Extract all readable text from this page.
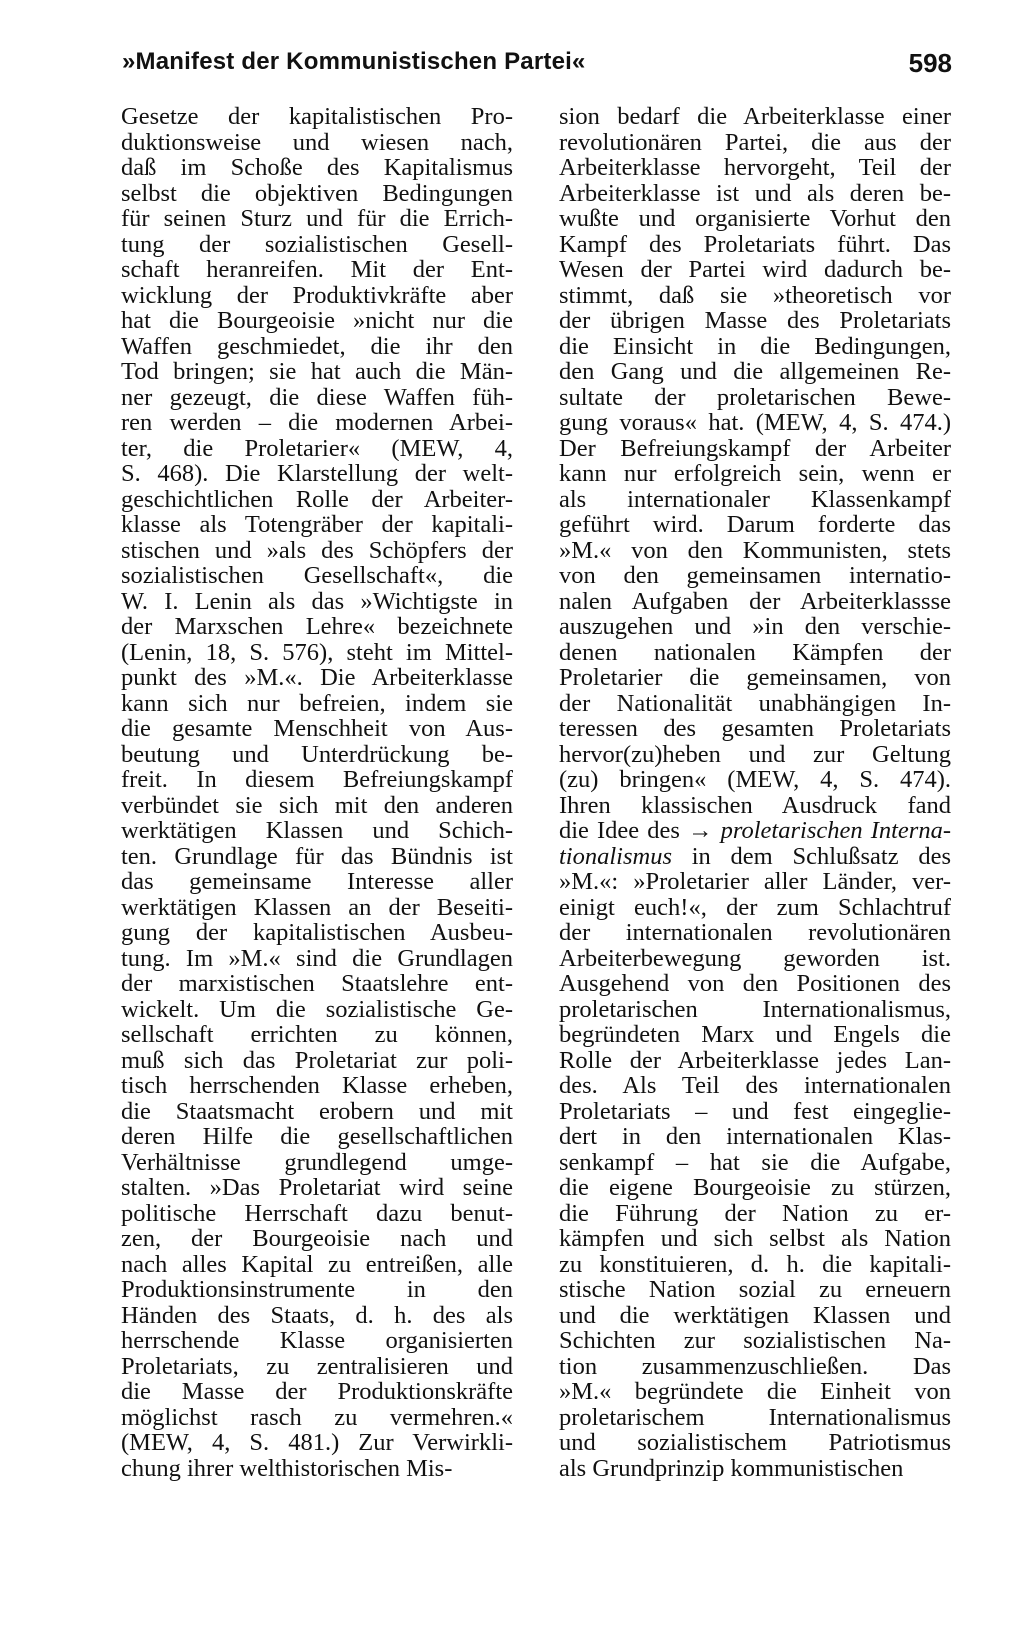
»Manifest der Kommunistischen Partei«	598
Gesetze der kapitalistischen Pro-
duktionsweise und wiesen nach,
daß im Schoße des Kapitalismus
selbst die objektiven Bedingungen
für seinen Sturz und für die Errich-
tung der sozialistischen Gesell-
schaft heranreifen. Mit der Ent-
wicklung der Produktivkräfte aber
hat die Bourgeoisie »nicht nur die
Waffen geschmiedet, die ihr den
Tod bringen; sie hat auch die Män-
ner gezeugt, die diese Waffen füh-
ren werden – die modernen Arbei-
ter, die Proletarier« (MEW, 4,
S. 468). Die Klarstellung der welt-
geschichtlichen Rolle der Arbeiter-
klasse als Totengräber der kapitali-
stischen und »als des Schöpfers der
sozialistischen Gesellschaft«, die
W. I. Lenin als das »Wichtigste in
der Marxschen Lehre« bezeichnete
(Lenin, 18, S. 576), steht im Mittel-
punkt des »M.«. Die Arbeiterklasse
kann sich nur befreien, indem sie
die gesamte Menschheit von Aus-
beutung und Unterdrückung be-
freit. In diesem Befreiungskampf
verbündet sie sich mit den anderen
werktätigen Klassen und Schich-
ten. Grundlage für das Bündnis ist
das gemeinsame Interesse aller
werktätigen Klassen an der Beseiti-
gung der kapitalistischen Ausbeu-
tung. Im »M.« sind die Grundlagen
der marxistischen Staatslehre ent-
wickelt. Um die sozialistische Ge-
sellschaft errichten zu können,
muß sich das Proletariat zur poli-
tisch herrschenden Klasse erheben,
die Staatsmacht erobern und mit
deren Hilfe die gesellschaftlichen
Verhältnisse grundlegend umge-
stalten. »Das Proletariat wird seine
politische Herrschaft dazu benut-
zen, der Bourgeoisie nach und
nach alles Kapital zu entreißen, alle
Produktionsinstrumente in den
Händen des Staats, d. h. des als
herrschende Klasse organisierten
Proletariats, zu zentralisieren und
die Masse der Produktionskräfte
möglichst rasch zu vermehren.«
(MEW, 4, S. 481.) Zur Verwirkli-
chung ihrer welthistorischen Mis-
sion bedarf die Arbeiterklasse einer
revolutionären Partei, die aus der
Arbeiterklasse hervorgeht, Teil der
Arbeiterklasse ist und als deren be-
wußte und organisierte Vorhut den
Kampf des Proletariats führt. Das
Wesen der Partei wird dadurch be-
stimmt, daß sie »theoretisch vor
der übrigen Masse des Proletariats
die Einsicht in die Bedingungen,
den Gang und die allgemeinen Re-
sultate der proletarischen Bewe-
gung voraus« hat. (MEW, 4, S. 474.)
Der Befreiungskampf der Arbeiter
kann nur erfolgreich sein, wenn er
als internationaler Klassenkampf
geführt wird. Darum forderte das
»M.« von den Kommunisten, stets
von den gemeinsamen internatio-
nalen Aufgaben der Arbeiterklassse
auszugehen und »in den verschie-
denen nationalen Kämpfen der
Proletarier die gemeinsamen, von
der Nationalität unabhängigen In-
teressen des gesamten Proletariats
hervor(zu)heben und zur Geltung
(zu) bringen« (MEW, 4, S. 474).
Ihren klassischen Ausdruck fand
die Idee des → proletarischen Interna-
tionalismus in dem Schlußsatz des
»M.«: »Proletarier aller Länder, ver-
einigt euch!«, der zum Schlachtruf
der internationalen revolutionären
Arbeiterbewegung geworden ist.
Ausgehend von den Positionen des
proletarischen Internationalismus,
begründeten Marx und Engels die
Rolle der Arbeiterklasse jedes Lan-
des. Als Teil des internationalen
Proletariats – und fest eingeglie-
dert in den internationalen Klas-
senkampf – hat sie die Aufgabe,
die eigene Bourgeoisie zu stürzen,
die Führung der Nation zu er-
kämpfen und sich selbst als Nation
zu konstituieren, d. h. die kapitali-
stische Nation sozial zu erneuern
und die werktätigen Klassen und
Schichten zur sozialistischen Na-
tion zusammenzuschließen. Das
»M.« begründete die Einheit von
proletarischem Internationalismus
und sozialistischem Patriotismus
als Grundprinzip kommunistischen
